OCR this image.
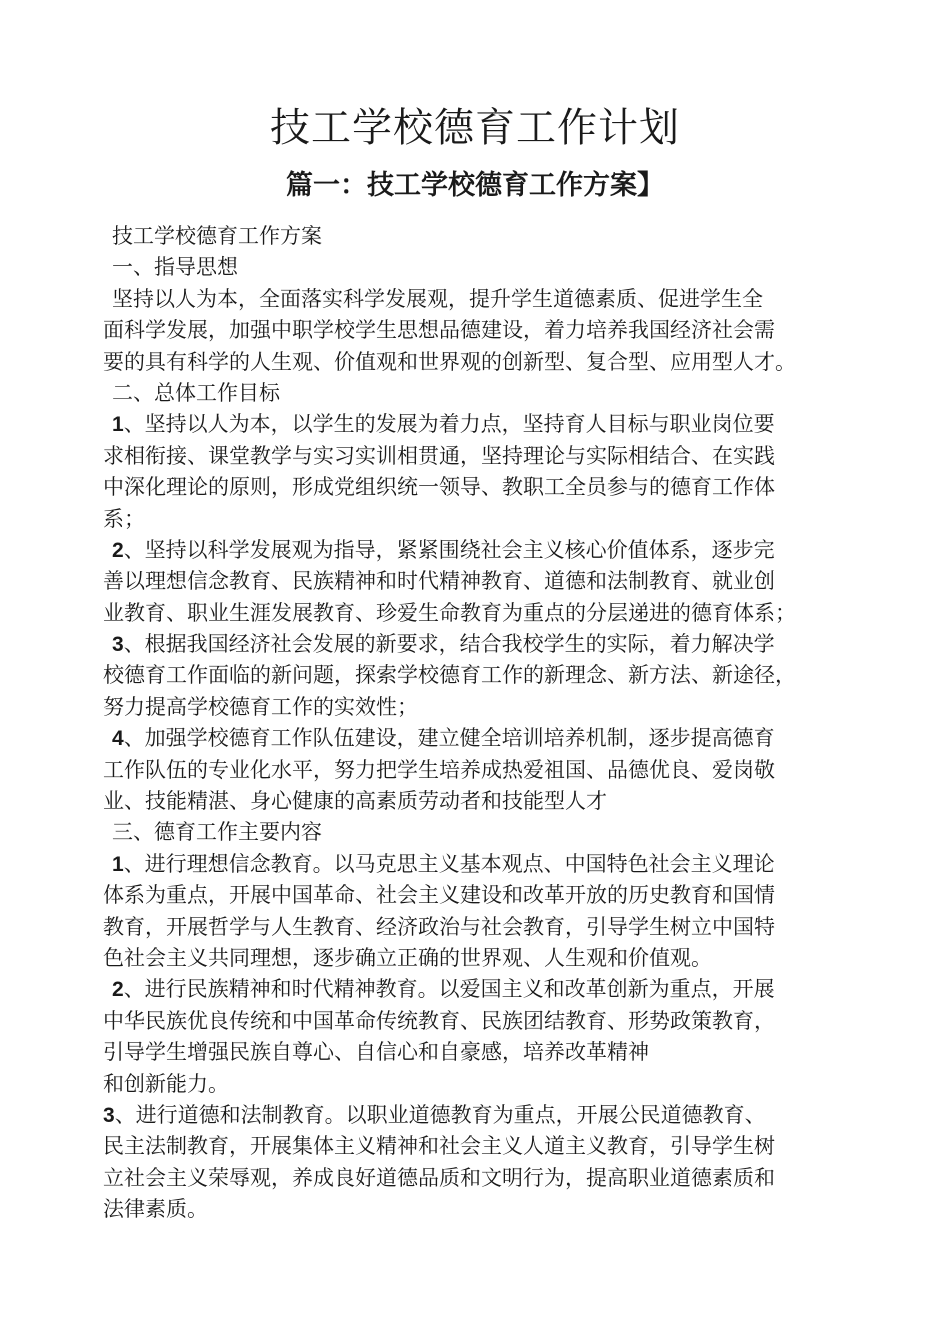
技工学校德育工作计划
篇一：技工学校德育工作方案】
技工学校德育工作方案
一、指导思想
坚持以人为本，全面落实科学发展观，提升学生道德素质、促进学生全
面科学发展，加强中职学校学生思想品德建设，着力培养我国经济社会需
要的具有科学的人生观、价值观和世界观的创新型、复合型、应用型人才。
二、总体工作目标
1、坚持以人为本，以学生的发展为着力点，坚持育人目标与职业岗位要
求相衔接、课堂教学与实习实训相贯通，坚持理论与实际相结合、在实践
中深化理论的原则，形成党组织统一领导、教职工全员参与的德育工作体
系；
2、坚持以科学发展观为指导，紧紧围绕社会主义核心价值体系，逐步完
善以理想信念教育、民族精神和时代精神教育、道德和法制教育、就业创
业教育、职业生涯发展教育、珍爱生命教育为重点的分层递进的德育体系；
3、根据我国经济社会发展的新要求，结合我校学生的实际，着力解决学
校德育工作面临的新问题，探索学校德育工作的新理念、新方法、新途径，
努力提高学校德育工作的实效性；
4、加强学校德育工作队伍建设，建立健全培训培养机制，逐步提高德育
工作队伍的专业化水平，努力把学生培养成热爱祖国、品德优良、爱岗敬
业、技能精湛、身心健康的高素质劳动者和技能型人才
三、德育工作主要内容
1、进行理想信念教育。以马克思主义基本观点、中国特色社会主义理论
体系为重点，开展中国革命、社会主义建设和改革开放的历史教育和国情
教育，开展哲学与人生教育、经济政治与社会教育，引导学生树立中国特
色社会主义共同理想，逐步确立正确的世界观、人生观和价值观。
2、进行民族精神和时代精神教育。以爱国主义和改革创新为重点，开展
中华民族优良传统和中国革命传统教育、民族团结教育、形势政策教育，
引导学生增强民族自尊心、自信心和自豪感，培养改革精神
和创新能力。
3、进行道德和法制教育。以职业道德教育为重点，开展公民道德教育、
民主法制教育，开展集体主义精神和社会主义人道主义教育，引导学生树
立社会主义荣辱观，养成良好道德品质和文明行为，提高职业道德素质和
法律素质。
